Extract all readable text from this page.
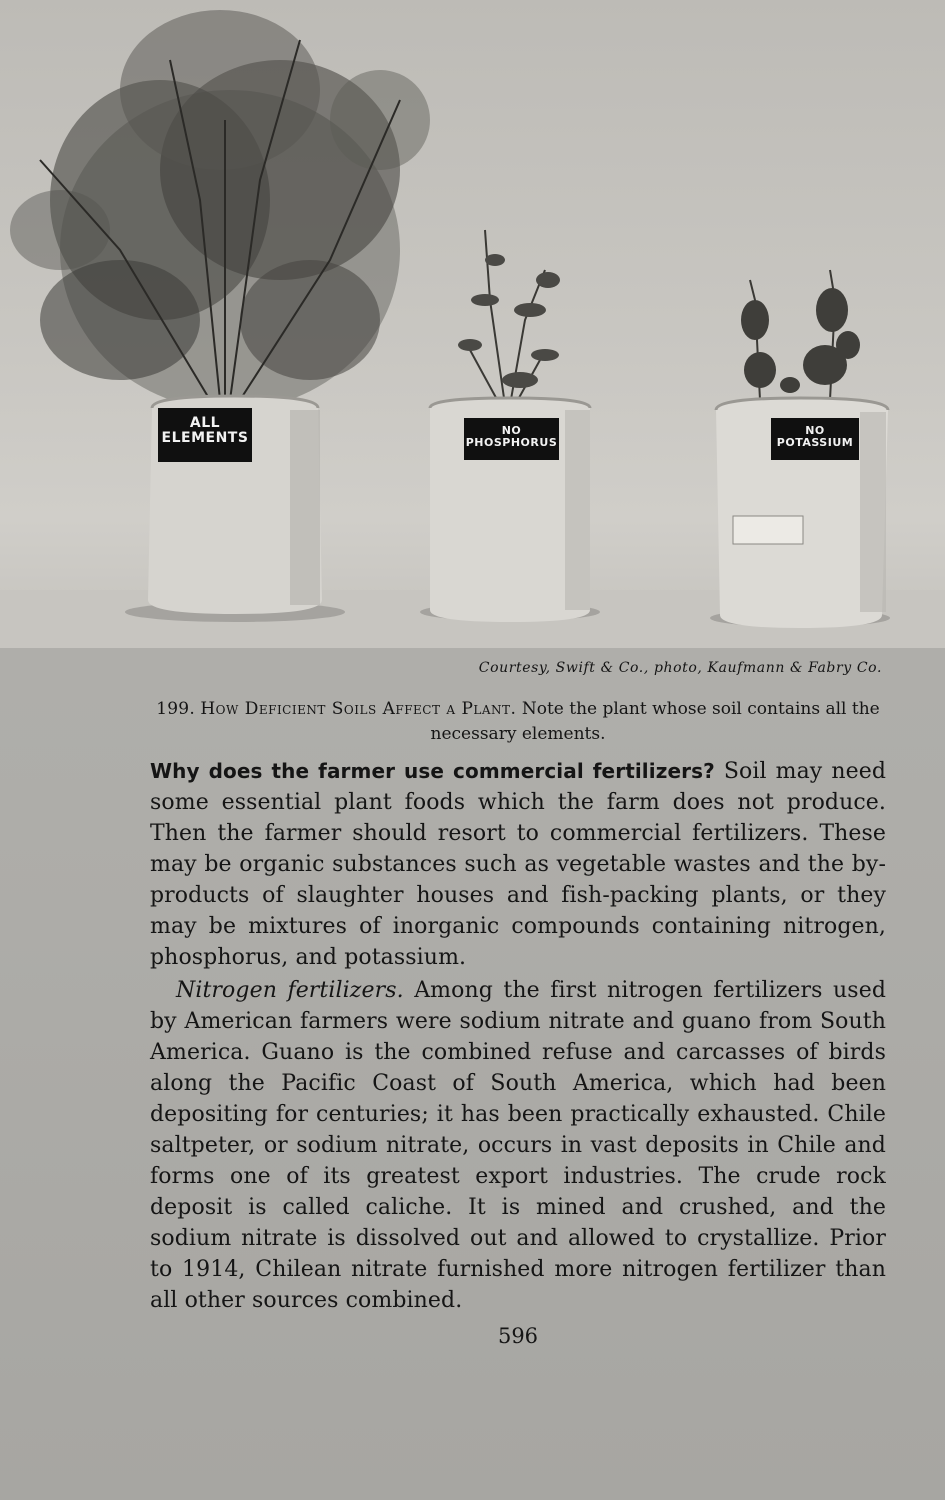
ALL
ELEMENTS	NO
PHOSPHORUS
NO
POTASSIUM
Courtesy, Swift & Co., photo, Kaufmann & Fabry Co.
199. How Deficient Soils Affect a Plant. Note the plant whose soil contains all the necessary elements.

Why does the farmer use commercial fertilizers? Soil may need some essential plant foods which the farm does not produce. Then the farmer should resort to commercial fertilizers. These may be organic substances such as vegetable wastes and the by-products of slaughter houses and fish-packing plants, or they may be mixtures of inorganic compounds containing nitrogen, phosphorus, and potassium.

Nitrogen fertilizers. Among the first nitrogen fertilizers used by American farmers were sodium nitrate and guano from South America. Guano is the combined refuse and carcasses of birds along the Pacific Coast of South America, which had been depositing for centuries; it has been practically exhausted. Chile saltpeter, or sodium nitrate, occurs in vast deposits in Chile and forms one of its greatest export industries. The crude rock deposit is called caliche. It is mined and crushed, and the sodium nitrate is dissolved out and allowed to crystallize. Prior to 1914, Chilean nitrate furnished more nitrogen fertilizer than all other sources combined.

596
